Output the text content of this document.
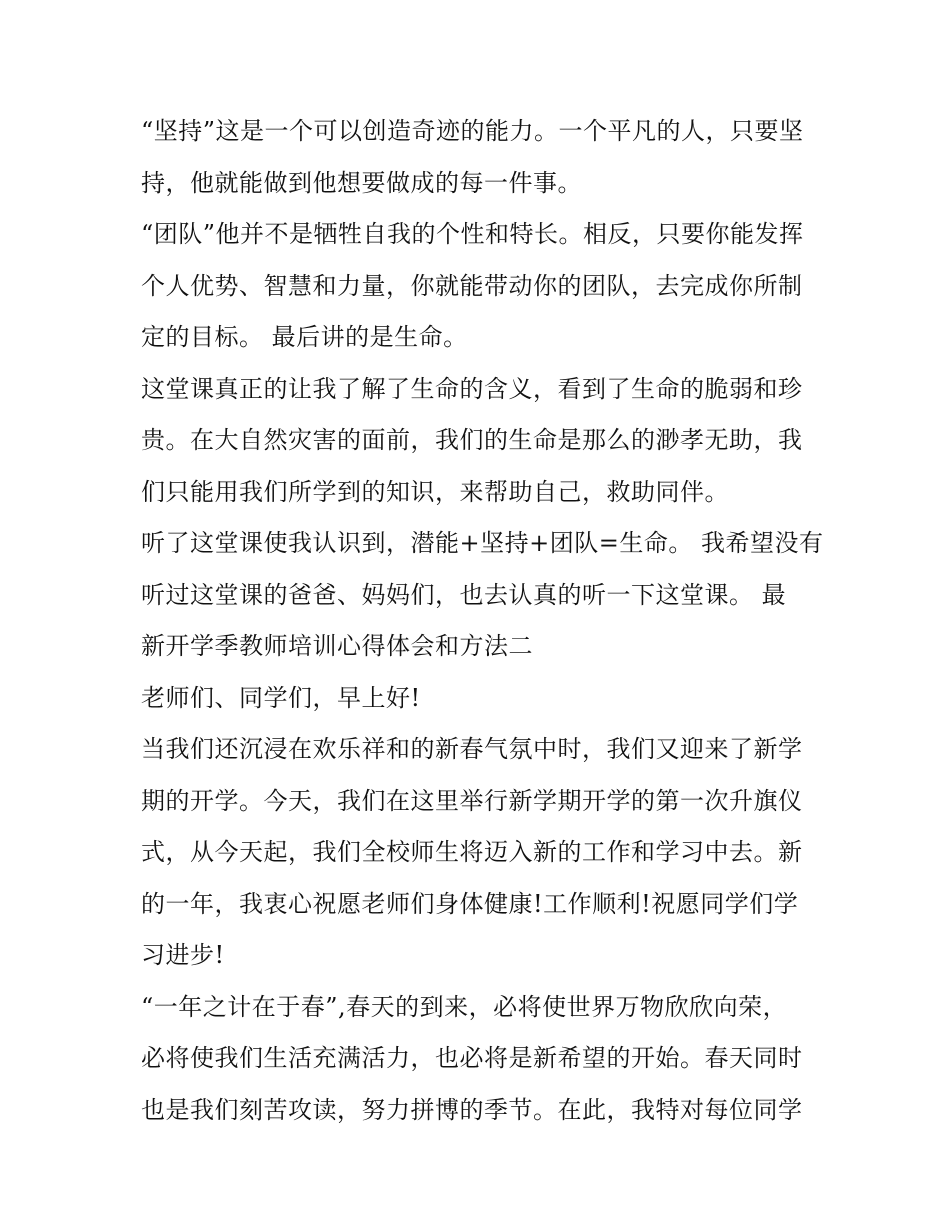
“坚持”这是一个可以创造奇迹的能力。一个平凡的人，只要坚
持，他就能做到他想要做成的每一件事。
“团队”他并不是牺牲自我的个性和特长。相反，只要你能发挥
个人优势、智慧和力量，你就能带动你的团队，去完成你所制
定的目标。 最后讲的是生命。
这堂课真正的让我了解了生命的含义，看到了生命的脆弱和珍
贵。在大自然灾害的面前，我们的生命是那么的渺孝无助，我
们只能用我们所学到的知识，来帮助自己，救助同伴。
听了这堂课使我认识到，潜能+坚持+团队=生命。 我希望没有
听过这堂课的爸爸、妈妈们，也去认真的听一下这堂课。 最
新开学季教师培训心得体会和方法二
老师们、同学们，早上好!
当我们还沉浸在欢乐祥和的新春气氛中时，我们又迎来了新学
期的开学。今天，我们在这里举行新学期开学的第一次升旗仪
式，从今天起，我们全校师生将迈入新的工作和学习中去。新
的一年，我衷心祝愿老师们身体健康!工作顺利!祝愿同学们学
习进步!
“一年之计在于春”,春天的到来，必将使世界万物欣欣向荣，
必将使我们生活充满活力，也必将是新希望的开始。春天同时
也是我们刻苦攻读，努力拼博的季节。在此，我特对每位同学
